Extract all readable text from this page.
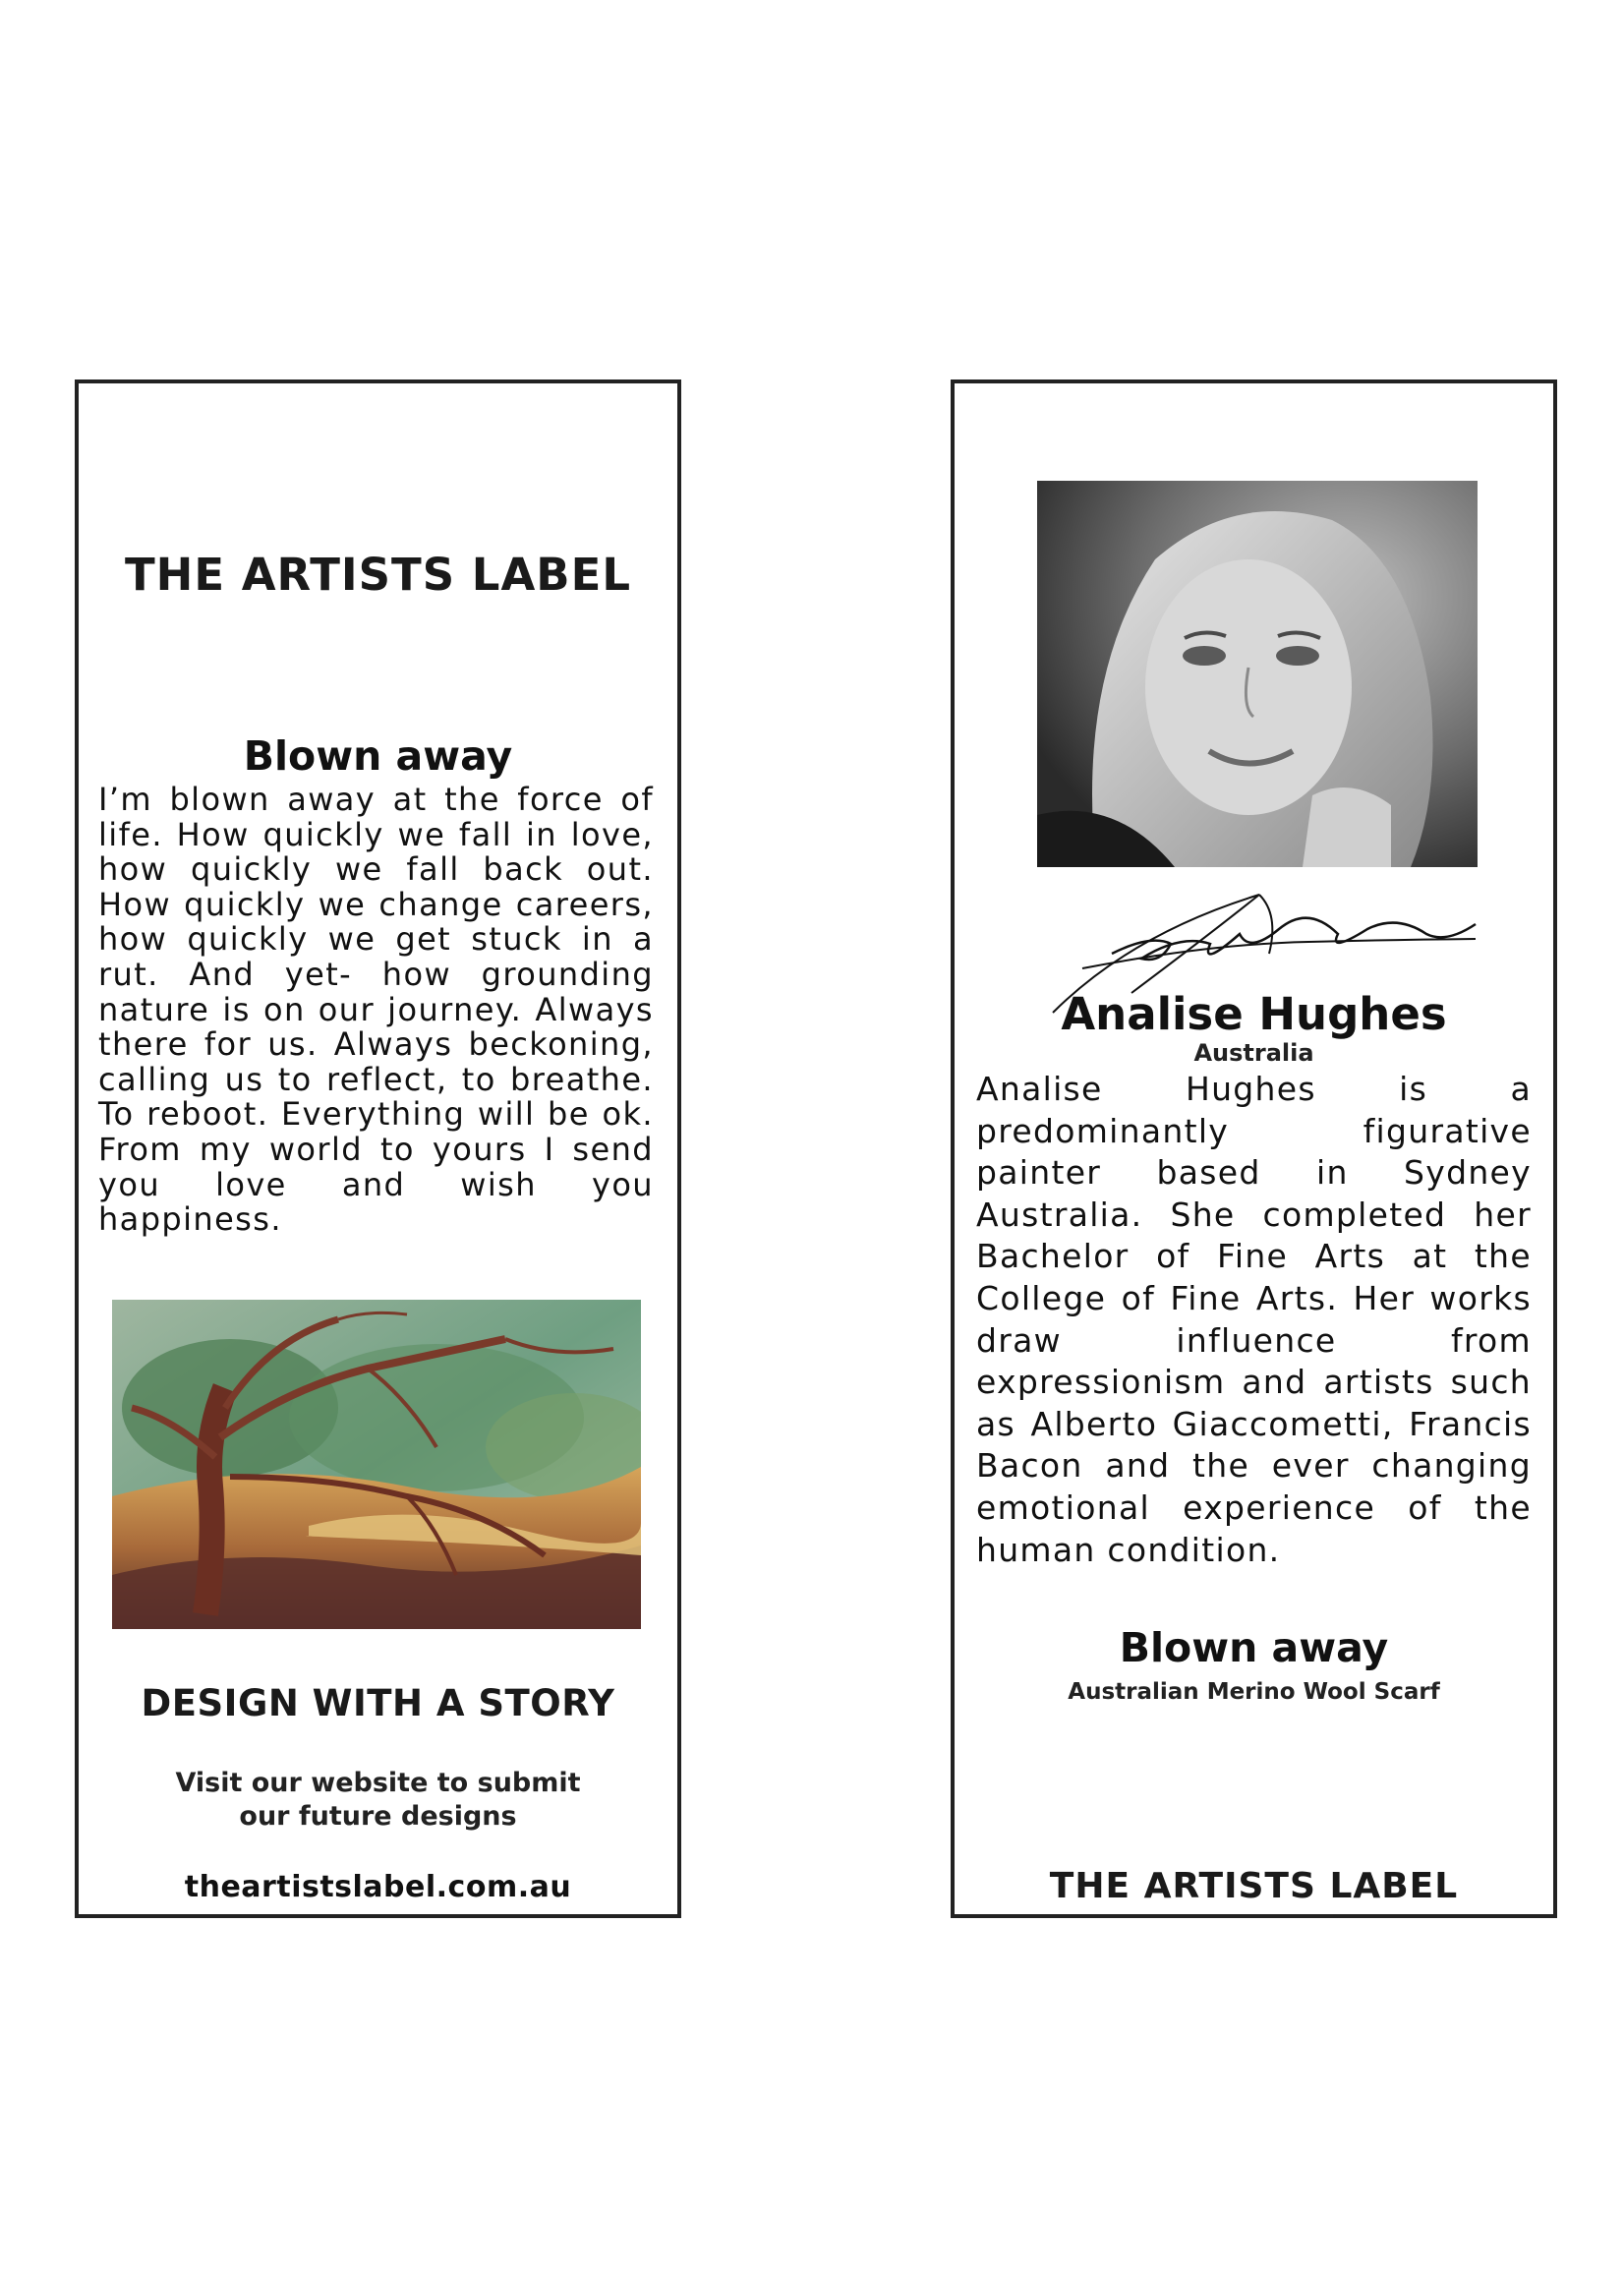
THE ARTISTS LABEL
Blown away

I’m blown away at the force of life. How quickly we fall in love, how quickly we fall back out. How quickly we change careers, how quickly we get stuck in a rut. And yet- how grounding nature is on our journey. Always there for us. Always beckoning, calling us to reflect, to breathe. To reboot. Everything will be ok. From my world to yours I send you love and wish you happiness.

DESIGN WITH A STORY
Visit our website to submit
our future designs
theartistslabel.com.au
Analise Hughes
Australia

Analise Hughes is a predominantly figurative painter based in Sydney Australia. She completed her Bachelor of Fine Arts at the College of Fine Arts. Her works draw influence from expressionism and artists such as Alberto Giaccometti, Francis Bacon and the ever changing emotional experience of the human condition.

Blown away
Australian Merino Wool Scarf
THE ARTISTS LABEL
